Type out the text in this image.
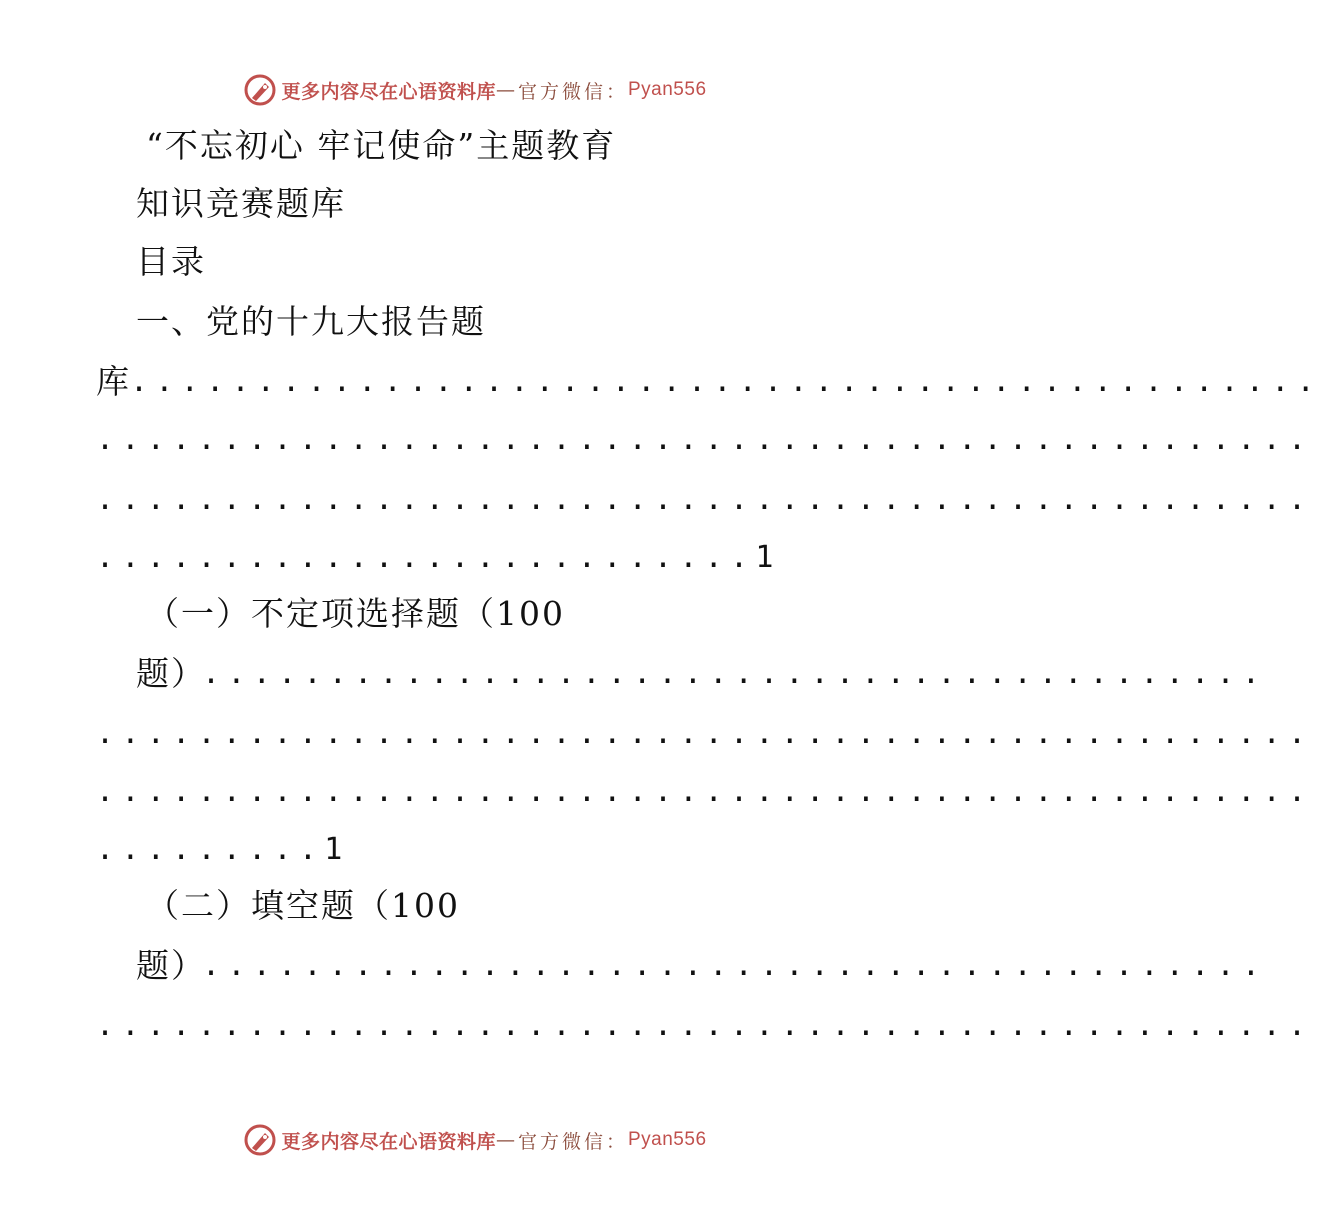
更多内容尽在心语资料库 — 官方微信： Pyan556
“不忘初心 牢记使命”主题教育
知识竞赛题库
目录
一、党的十九大报告题
库 ...............................................
................................................
................................................
..........................1
（一）不定项选择题（100
题）
..........................................
................................................
................................................
.........1
（二）填空题（100
题）
..........................................
................................................
更多内容尽在心语资料库 — 官方微信： Pyan556
